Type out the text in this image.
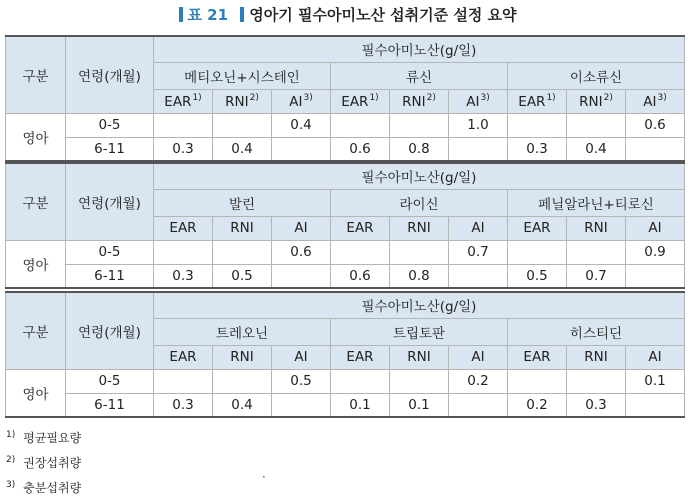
표 21 영아기 필수아미노산 섭취기준 설정 요약
구분	연령(개월)	필수아미노산(g/일)								
		메티오닌+시스테인			류신			이소류신		
		EAR$^{1)}$	RNI$^{2)}$	AI$^{3)}$	EAR$^{1)}$	RNI$^{2)}$	AI$^{3)}$	EAR$^{1)}$	RNI$^{2)}$	AI$^{3)}$
영아	0-5			0.4			1.0			0.6
	6-11	0.3	0.4		0.6	0.8		0.3	0.4	
구분	연령(개월)	필수아미노산(g/일)								
		발린			라이신			페닐알라닌+티로신		
		EAR	RNI	AI	EAR	RNI	AI	EAR	RNI	AI
영아	0-5			0.6			0.7			0.9
	6-11	0.3	0.5		0.6	0.8		0.5	0.7	
구분	연령(개월)	필수아미노산(g/일)								
		트레오닌			트립토판			히스티딘		
		EAR	RNI	AI	EAR	RNI	AI	EAR	RNI	AI
영아	0-5			0.5			0.2			0.1
	6-11	0.3	0.4		0.1	0.1		0.2	0.3	
$^{1)}$ 평균필요량
$^{2)}$ 권장섭취량
$^{3)}$ 충분섭취량
·
